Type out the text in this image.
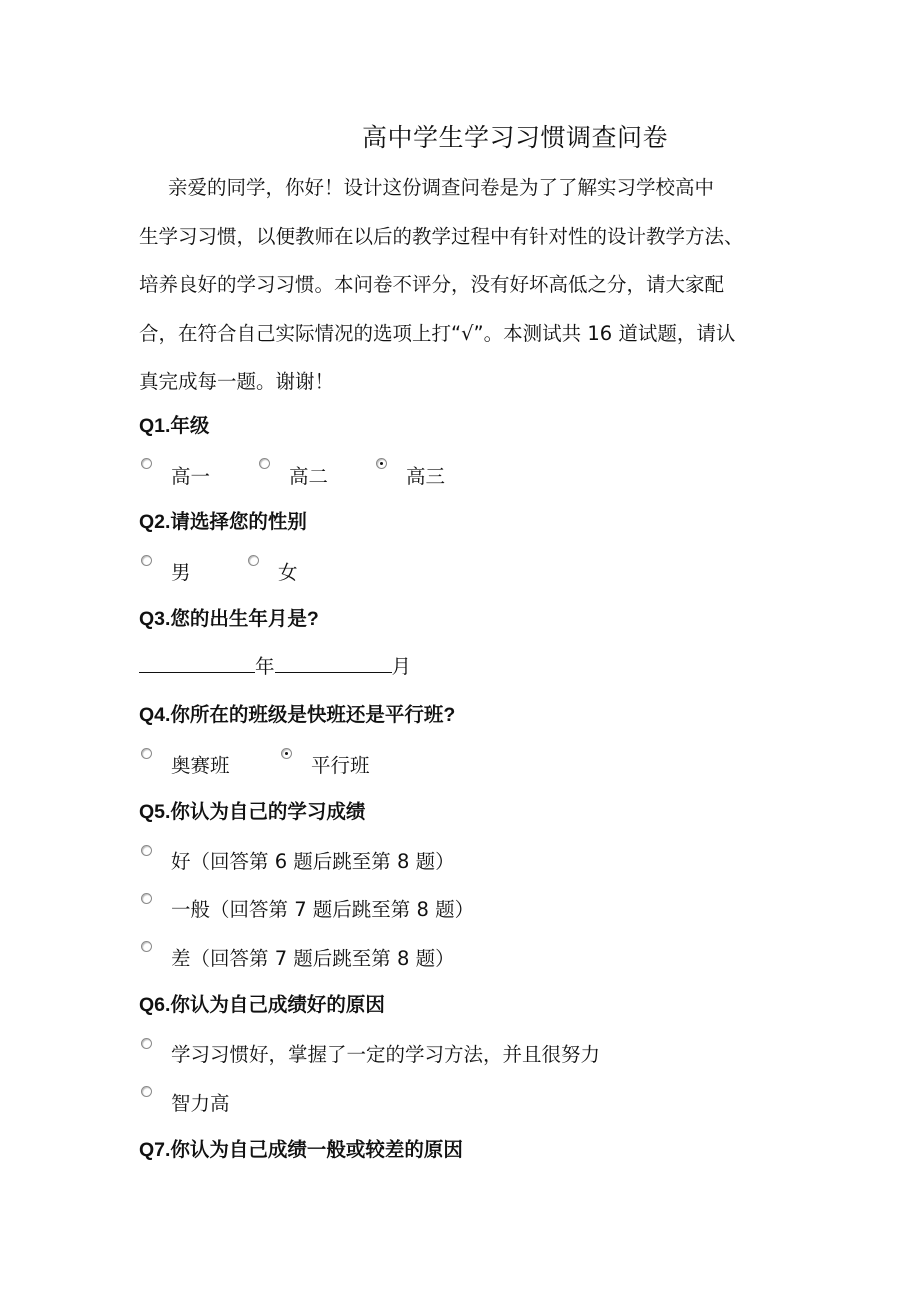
高中学生学习习惯调查问卷
亲爱的同学，你好！设计这份调查问卷是为了了解实习学校高中
生学习习惯，以便教师在以后的教学过程中有针对性的设计教学方法、
培养良好的学习习惯。本问卷不评分，没有好坏高低之分，请大家配
合，在符合自己实际情况的选项上打“√”。本测试共 16 道试题，请认
真完成每一题。谢谢！
Q1.年级
高一	高二	高三
Q2.请选择您的性别
男	女
Q3.您的出生年月是?
年	月
Q4.你所在的班级是快班还是平行班?
奥赛班	平行班
Q5.你认为自己的学习成绩
好（回答第 6 题后跳至第 8 题）
一般（回答第 7 题后跳至第 8 题）
差（回答第 7 题后跳至第 8 题）
Q6.你认为自己成绩好的原因
学习习惯好，掌握了一定的学习方法，并且很努力
智力高
Q7.你认为自己成绩一般或较差的原因
